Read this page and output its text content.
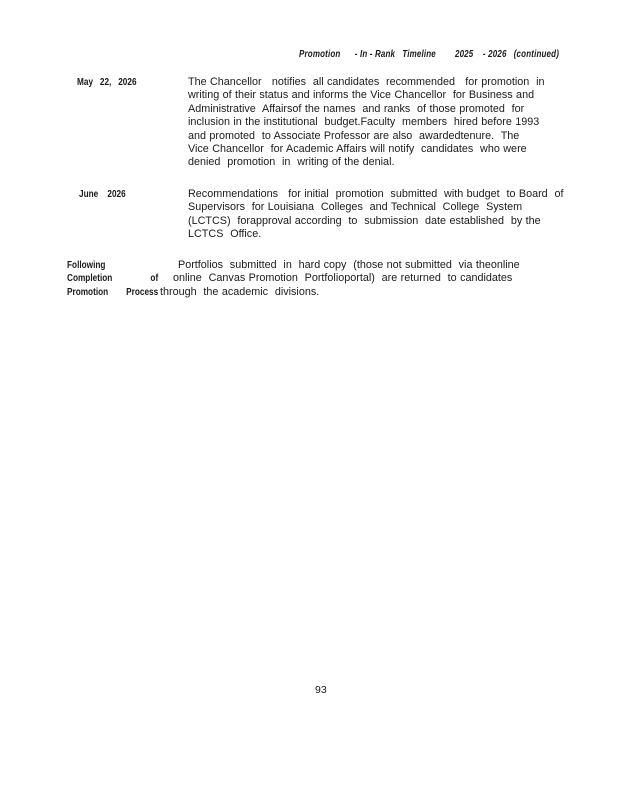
Promotion      - In - Rank   Timeline        2025    - 2026   (continued)
May   22,   2026	The Chancellor   notifies  all candidates  recommended   for promotion  in
writing of their status and informs the Vice Chancellor  for Business and
Administrative  Affairsof the names  and ranks  of those promoted  for
inclusion in the institutional  budget.Faculty  members  hired before 1993
and promoted  to Associate Professor are also  awardedtenure.  The
Vice Chancellor  for Academic Affairs will notify  candidates  who were
denied  promotion  in  writing of the denial.
June    2026	Recommendations   for initial  promotion  submitted  with budget  to Board  of
Supervisors  for Louisiana  Colleges  and Technical  College  System
(LCTCS)  forapproval according  to  submission  date established  by the
LCTCS  Office.
Following
Completion of
Promotion Process
Portfolios  submitted  in  hard copy  (those not submitted  via theonline
online  Canvas Promotion  Portfolioportal)  are returned  to candidates
through  the academic  divisions.
93
